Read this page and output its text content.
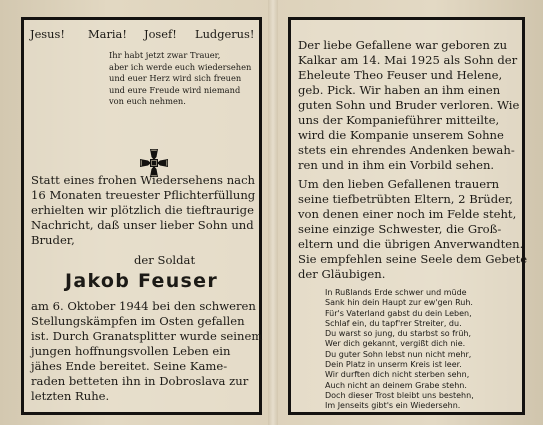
Jesus! Maria! Josef! Ludgerus!
Ihr habt jetzt zwar Trauer,
aber ich werde euch wiedersehen
und euer Herz wird sich freuen
und eure Freude wird niemand
von euch nehmen.
Statt eines frohen Wiedersehens nach
16 Monaten treuester Pflichterfüllung
erhielten wir plötzlich die tieftraurige
Nachricht, daß unser lieber Sohn und
Bruder,
der Soldat
Jakob Feuser
am 6. Oktober 1944 bei den schweren
Stellungskämpfen im Osten gefallen
ist. Durch Granatsplitter wurde seinem
jungen hoffnungsvollen Leben ein
jähes Ende bereitet. Seine Kame-
raden betteten ihn in Dobroslava zur
letzten Ruhe.
Der liebe Gefallene war geboren zu
Kalkar am 14. Mai 1925 als Sohn der
Eheleute Theo Feuser und Helene,
geb. Pick. Wir haben an ihm einen
guten Sohn und Bruder verloren. Wie
uns der Kompanieführer mitteilte,
wird die Kompanie unserem Sohne
stets ein ehrendes Andenken bewah-
ren und in ihm ein Vorbild sehen.
Um den lieben Gefallenen trauern
seine tiefbetrübten Eltern, 2 Brüder,
von denen einer noch im Felde steht,
seine einzige Schwester, die Groß-
eltern und die übrigen Anverwandten.
Sie empfehlen seine Seele dem Gebete
der Gläubigen.
In Rußlands Erde schwer und müde
Sank hin dein Haupt zur ew'gen Ruh.
Für's Vaterland gabst du dein Leben,
Schlaf ein, du tapf'rer Streiter, du.
Du warst so jung, du starbst so früh,
Wer dich gekannt, vergißt dich nie.
Du guter Sohn lebst nun nicht mehr,
Dein Platz in unserm Kreis ist leer.
Wir durften dich nicht sterben sehn,
Auch nicht an deinem Grabe stehn.
Doch dieser Trost bleibt uns bestehn,
Im Jenseits gibt's ein Wiedersehn.
